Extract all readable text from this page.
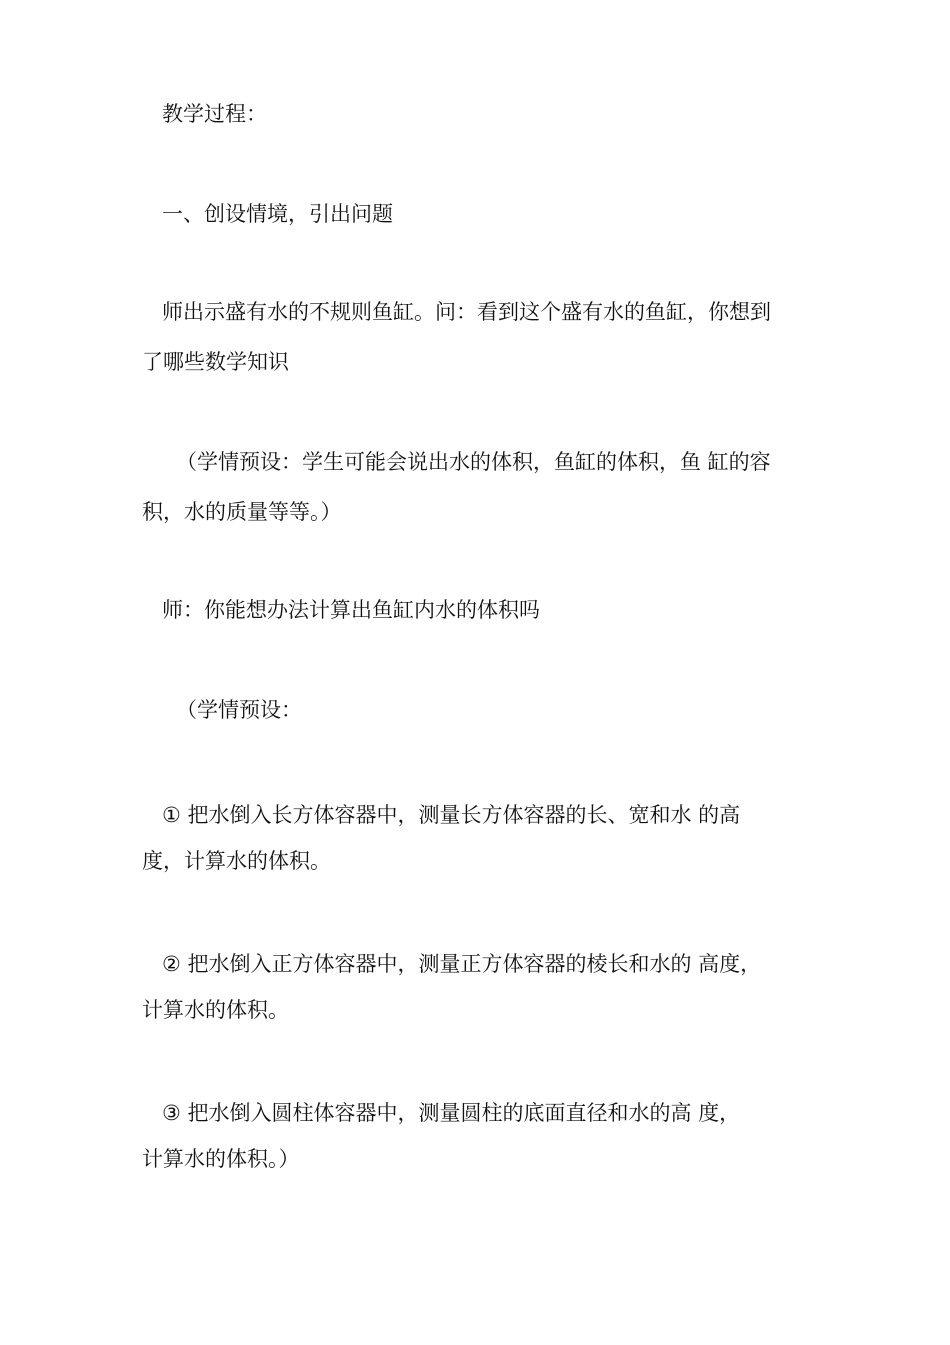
教学过程：
一、创设情境，引出问题
师出示盛有水的不规则鱼缸。问：看到这个盛有水的鱼缸，你想到
了哪些数学知识
（学情预设：学生可能会说出水的体积，鱼缸的体积，鱼 缸的容
积，水的质量等等。）
师：你能想办法计算出鱼缸内水的体积吗
（学情预设：
① 把水倒入长方体容器中，测量长方体容器的长、宽和水 的高
度，计算水的体积。
② 把水倒入正方体容器中，测量正方体容器的棱长和水的 高度，
计算水的体积。
③ 把水倒入圆柱体容器中，测量圆柱的底面直径和水的高 度，
计算水的体积。）
